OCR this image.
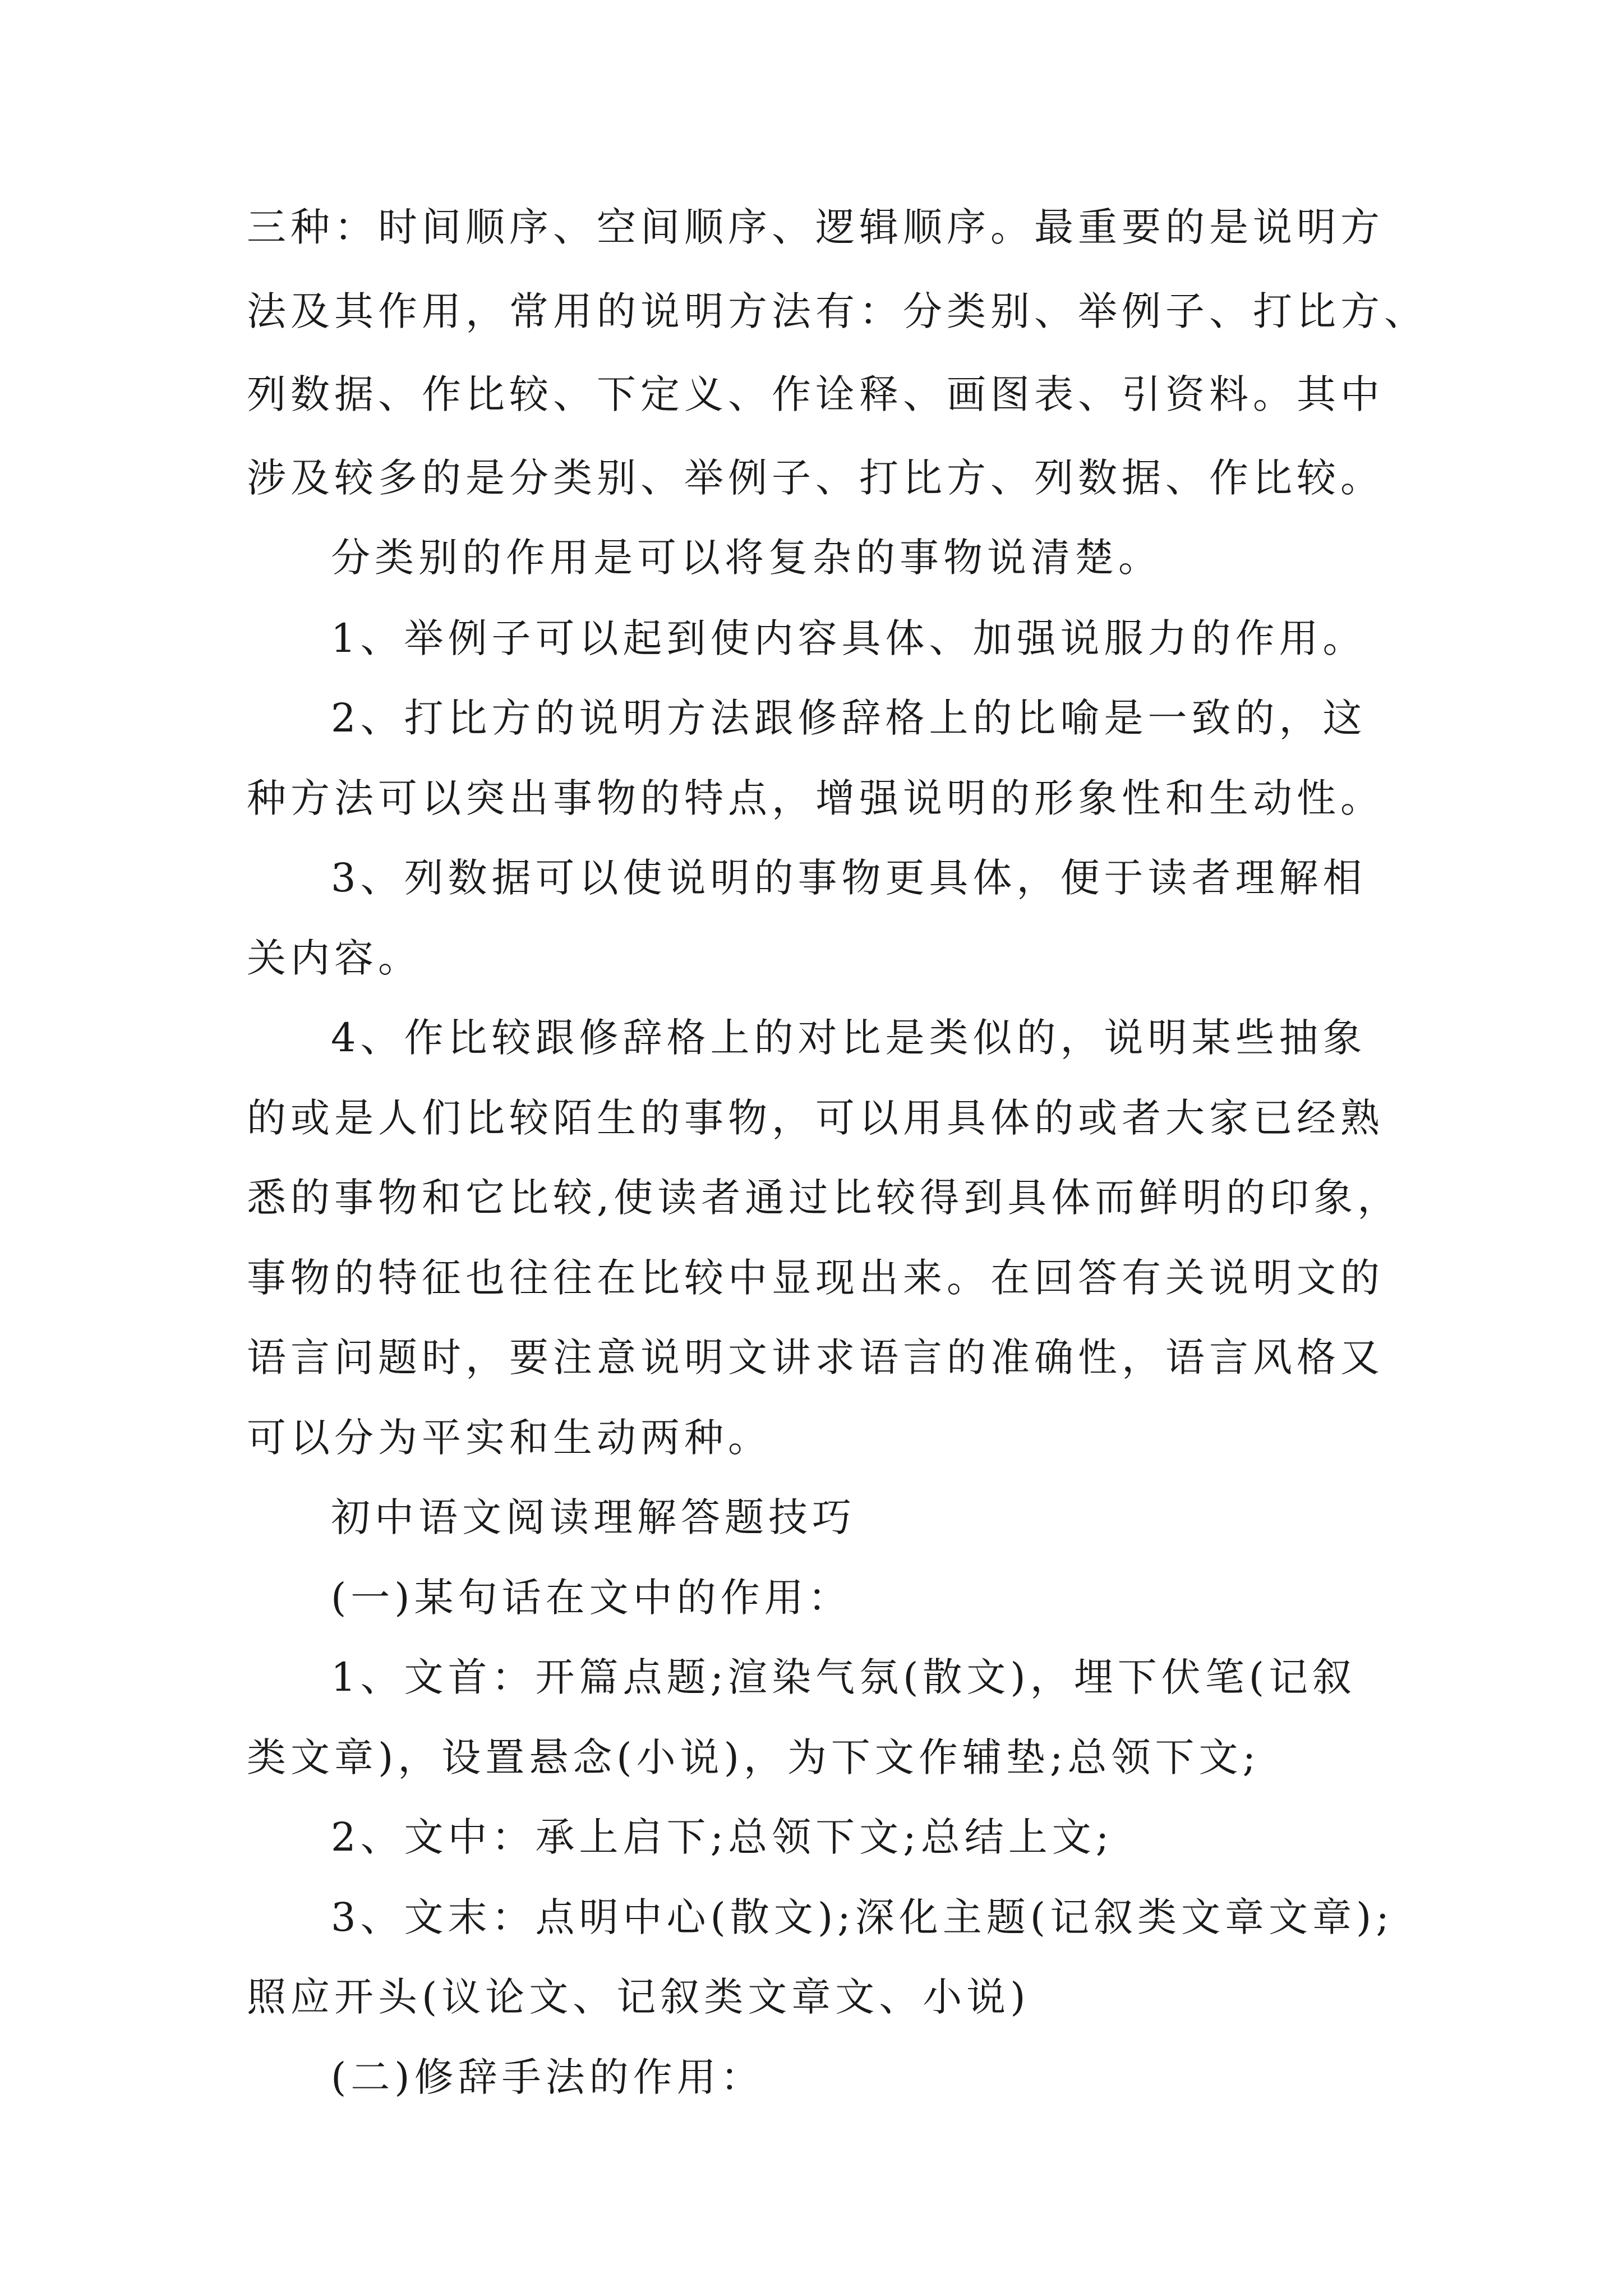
三种：时间顺序、空间顺序、逻辑顺序。最重要的是说明方
法及其作用，常用的说明方法有：分类别、举例子、打比方、
列数据、作比较、下定义、作诠释、画图表、引资料。其中
涉及较多的是分类别、举例子、打比方、列数据、作比较。
分类别的作用是可以将复杂的事物说清楚。
1、举例子可以起到使内容具体、加强说服力的作用。
2、打比方的说明方法跟修辞格上的比喻是一致的，这
种方法可以突出事物的特点，增强说明的形象性和生动性。
3、列数据可以使说明的事物更具体，便于读者理解相
关内容。
4、作比较跟修辞格上的对比是类似的，说明某些抽象
的或是人们比较陌生的事物，可以用具体的或者大家已经熟
悉的事物和它比较,使读者通过比较得到具体而鲜明的印象，
事物的特征也往往在比较中显现出来。在回答有关说明文的
语言问题时，要注意说明文讲求语言的准确性，语言风格又
可以分为平实和生动两种。
初中语文阅读理解答题技巧
(一)某句话在文中的作用：
1、文首：开篇点题;渲染气氛(散文)，埋下伏笔(记叙
类文章)，设置悬念(小说)，为下文作辅垫;总领下文;
2、文中：承上启下;总领下文;总结上文;
3、文末：点明中心(散文);深化主题(记叙类文章文章);
照应开头(议论文、记叙类文章文、小说)
(二)修辞手法的作用：
